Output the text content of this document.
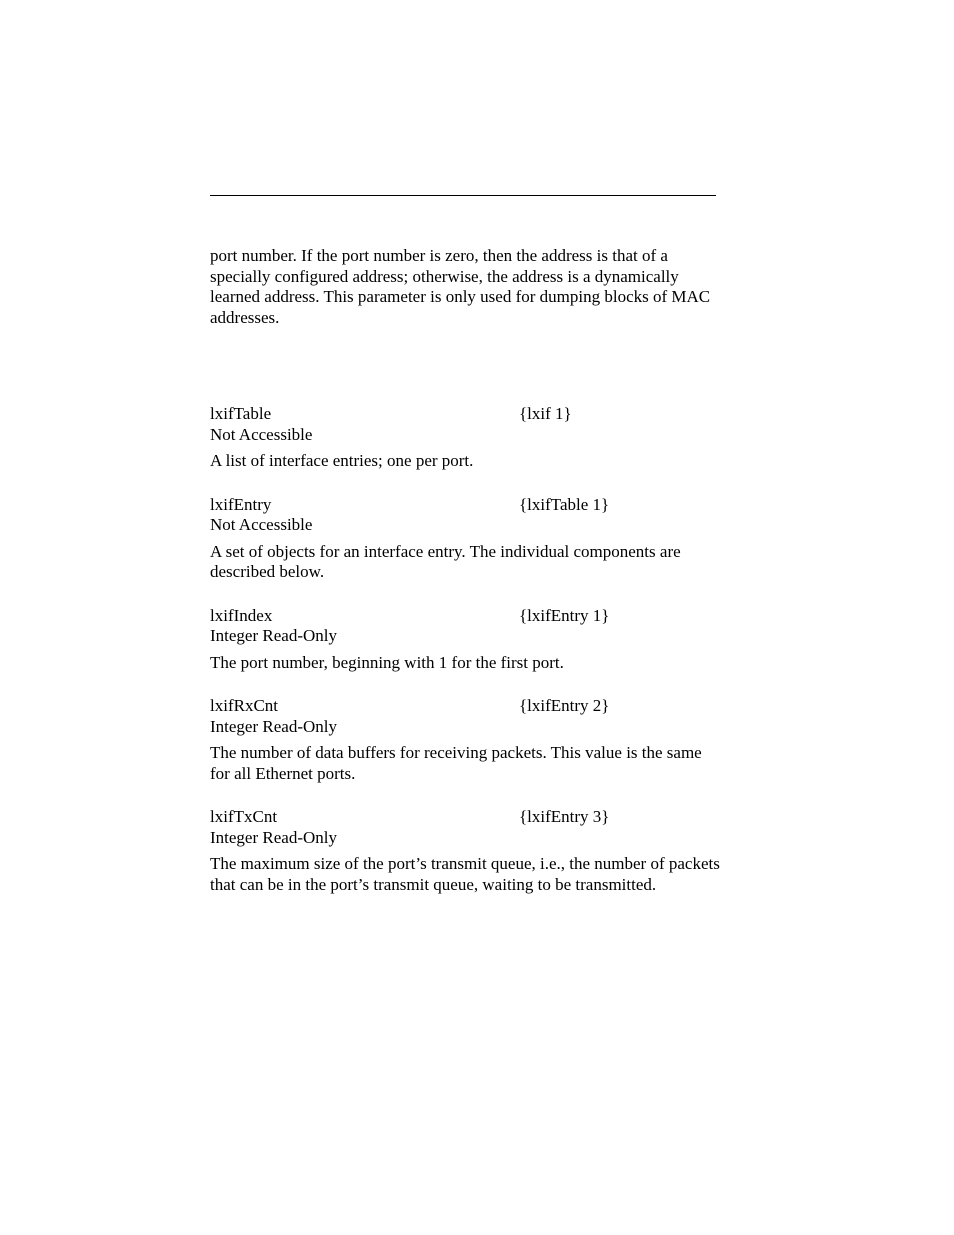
port number. If the port number is zero, then the address is that of a specially configured address; otherwise, the address is a dynamically learned address. This parameter is only used for dumping blocks of MAC addresses.

lxifTable	{lxif 1}
Not Accessible
A list of interface entries; one per port.
lxifEntry	{lxifTable 1}
Not Accessible
A set of objects for an interface entry. The individual components are described below.
lxifIndex	{lxifEntry 1}
Integer Read-Only
The port number, beginning with 1 for the first port.
lxifRxCnt	{lxifEntry 2}
Integer Read-Only
The number of data buffers for receiving packets. This value is the same for all Ethernet ports.
lxifTxCnt	{lxifEntry 3}
Integer Read-Only
The maximum size of the port’s transmit queue, i.e., the number of packets that can be in the port’s transmit queue, waiting to be transmitted.
